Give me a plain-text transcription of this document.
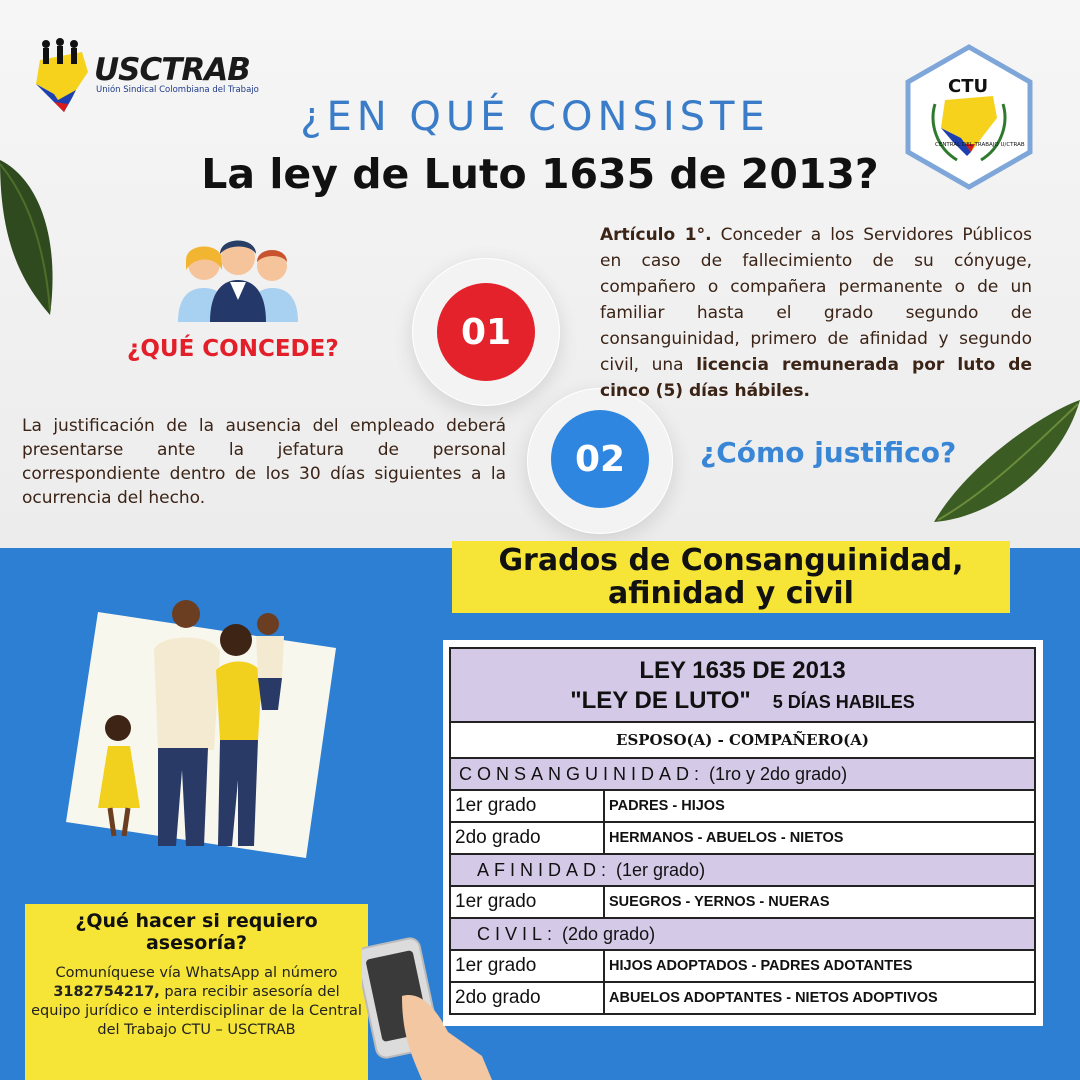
USCTRAB
Unión Sindical Colombiana del Trabajo	CTU
CENTRAL DEL TRABAJO U/CTRAB
¿EN QUÉ CONSISTE
La ley de Luto 1635 de 2013?
¿QUÉ CONCEDE?	01
02
Artículo 1°. Conceder a los Servidores Públicos en caso de fallecimiento de su cónyuge, compañero o compañera permanente o de un familiar hasta el grado segundo de consanguinidad, primero de afinidad y segundo civil, una licencia remunerada por luto de cinco (5) días hábiles.
¿Cómo justifico?
La justificación de la ausencia del empleado deberá presentarse ante la jefatura de personal correspondiente dentro de los 30 días siguientes a la ocurrencia del hecho.
Grados de Consanguinidad,
afinidad y civil
¿Qué hacer si requiero asesoría?
Comuníquese vía WhatsApp al número 3182754217, para recibir asesoría del equipo jurídico e interdisciplinar de la Central del Trabajo CTU – USCTRAB
LEY 1635 DE 2013
"LEY DE LUTO" 5 DÍAS HABILES	

ESPOSO(A) - COMPAÑERO(A)	
CONSANGUINIDAD: (1ro y 2do grado)	
1er grado	PADRES - HIJOS
2do grado	HERMANOS - ABUELOS - NIETOS
AFINIDAD: (1er grado)	
1er grado	SUEGROS - YERNOS - NUERAS
CIVIL: (2do grado)	
1er grado	HIJOS ADOPTADOS - PADRES ADOTANTES
2do grado	ABUELOS ADOPTANTES - NIETOS ADOPTIVOS
